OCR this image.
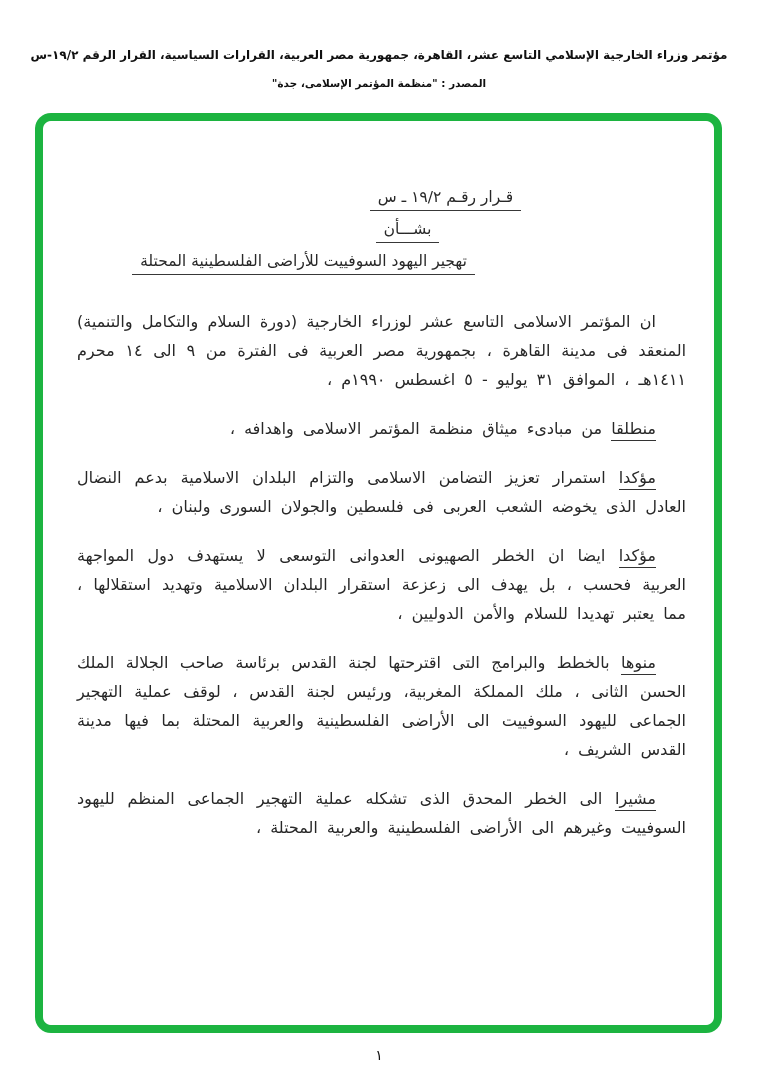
مؤتمر وزراء الخارجية الإسلامي التاسع عشر، القاهرة، جمهورية مصر العربية، القرارات السياسية، القرار الرقم ١٩/٢-س
المصدر : "منظمة المؤتمر الإسلامى، جدة"
قـرار رقـم ١٩/٢ ـ س
بشـــأن
تهجير اليهود السوفييت للأراضى الفلسطينية المحتلة

ان المؤتمر الاسلامى التاسع عشر لوزراء الخارجية (دورة السلام والتكامل والتنمية) المنعقد فى مدينة القاهرة ، بجمهورية مصر العربية فى الفترة من ٩ الى ١٤ محرم ١٤١١هـ ، الموافق ٣١ يوليو - ٥ اغسطس ١٩٩٠م ،

منطلقا من مبادىء ميثاق منظمة المؤتمر الاسلامى واهدافه ،

مؤكدا استمرار تعزيز التضامن الاسلامى والتزام البلدان الاسلامية بدعم النضال العادل الذى يخوضه الشعب العربى فى فلسطين والجولان السورى ولبنان ،

مؤكدا ايضا ان الخطر الصهيونى العدوانى التوسعى لا يستهدف دول المواجهة العربية فحسب ، بل يهدف الى زعزعة استقرار البلدان الاسلامية وتهديد استقلالها ، مما يعتبر تهديدا للسلام والأمن الدوليين ،

منوها بالخطط والبرامج التى اقترحتها لجنة القدس برئاسة صاحب الجلالة الملك الحسن الثانى ، ملك المملكة المغربية، ورئيس لجنة القدس ، لوقف عملية التهجير الجماعى لليهود السوفييت الى الأراضى الفلسطينية والعربية المحتلة بما فيها مدينة القدس الشريف ،

مشيرا الى الخطر المحدق الذى تشكله عملية التهجير الجماعى المنظم لليهود السوفييت وغيرهم الى الأراضى الفلسطينية والعربية المحتلة ،

١
